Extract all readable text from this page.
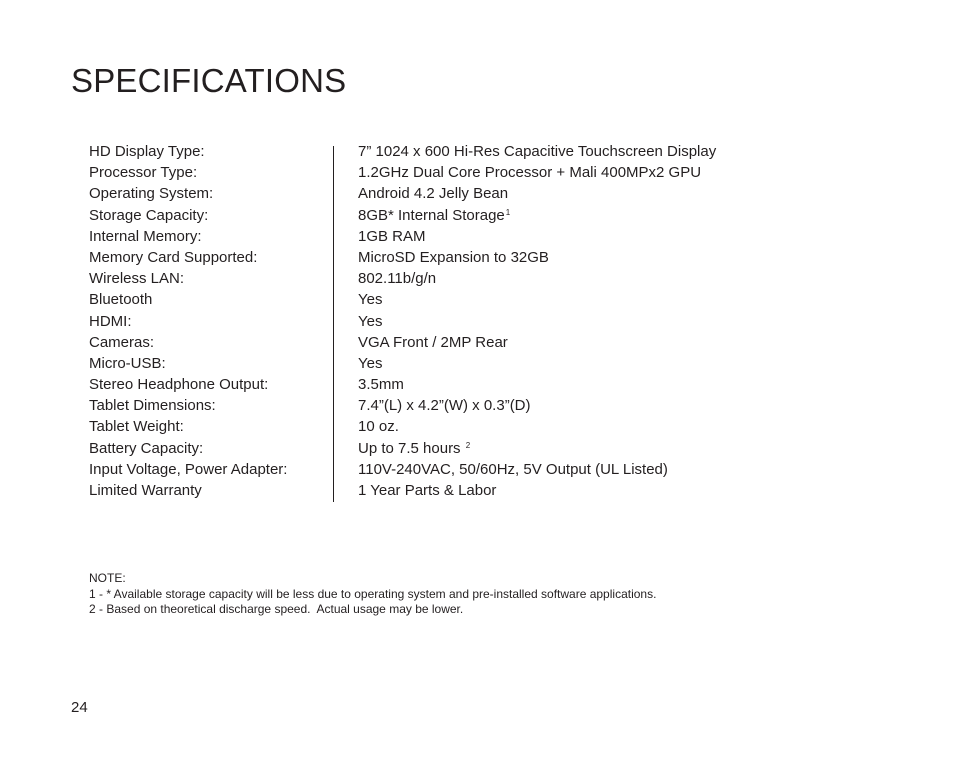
SPECIFICATIONS
HD Display Type:	7” 1024 x 600 Hi-Res Capacitive Touchscreen Display
Processor Type:	1.2GHz Dual Core Processor + Mali 400MPx2 GPU
Operating System:	Android 4.2 Jelly Bean
Storage Capacity:	8GB* Internal Storage$^1$
Internal Memory:	1GB RAM
Memory Card Supported:	MicroSD Expansion to 32GB
Wireless LAN:	802.11b/g/n
Bluetooth	Yes
HDMI:	Yes
Cameras:	VGA Front / 2MP Rear
Micro-USB:	Yes
Stereo Headphone Output:	3.5mm
Tablet Dimensions:	7.4”(L) x 4.2”(W) x 0.3”(D)
Tablet Weight:	10 oz.
Battery Capacity:	Up to 7.5 hours $^2$
Input Voltage, Power Adapter:	110V-240VAC, 50/60Hz, 5V Output (UL Listed)
Limited Warranty	1 Year Parts & Labor
NOTE:
1 - * Available storage capacity will be less due to operating system and pre-installed software applications.
2 - Based on theoretical discharge speed.  Actual usage may be lower.
24
